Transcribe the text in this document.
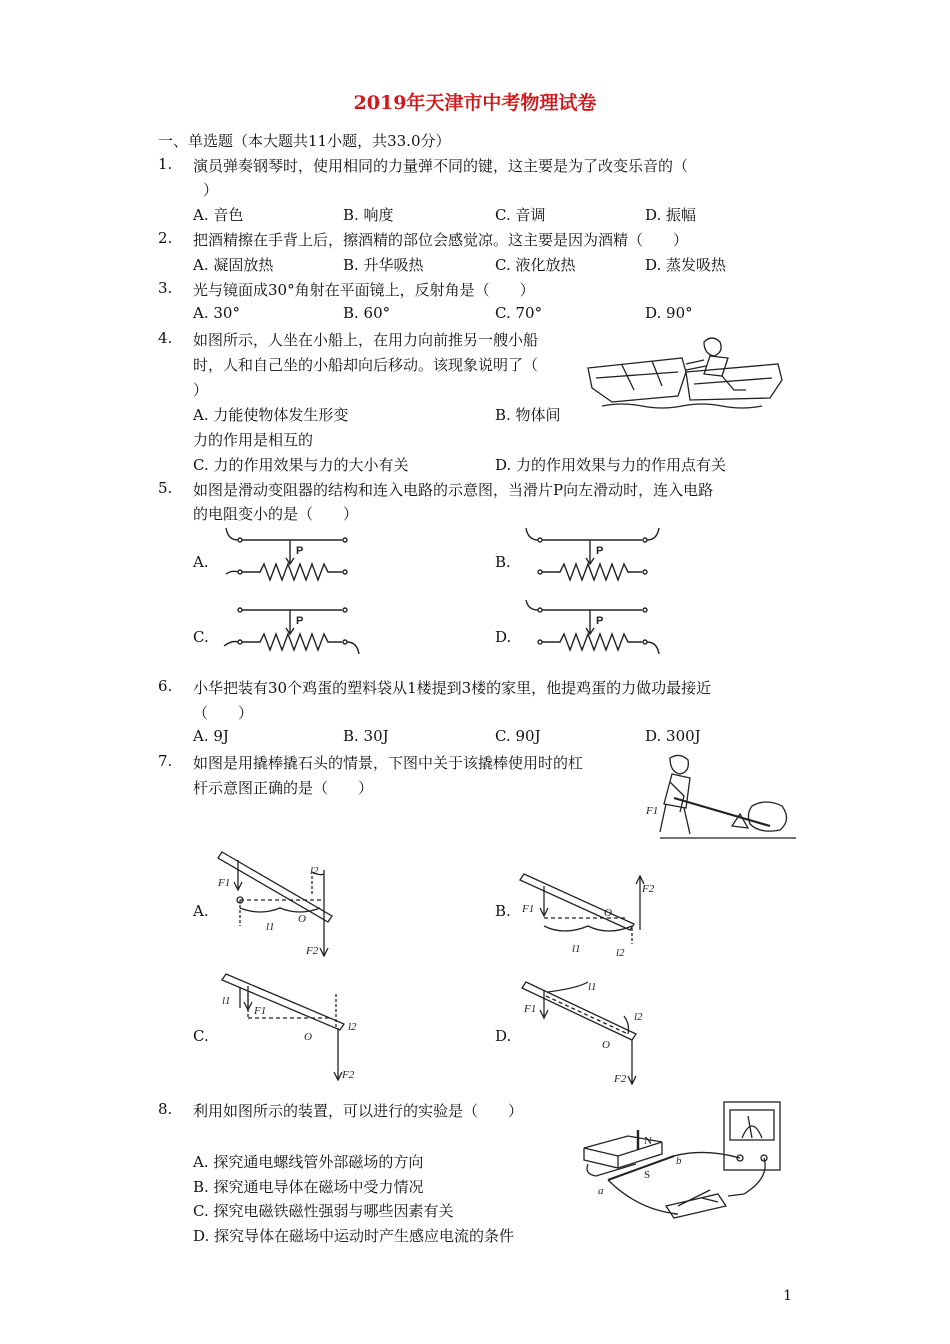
2019年天津市中考物理试卷
一、单选题（本大题共11小题，共33.0分）
1.	演员弹奏钢琴时，使用相同的力量弹不同的键，这主要是为了改变乐音的（
）
A. 音色	B. 响度	C. 音调	D. 振幅
2.	把酒精擦在手背上后，擦酒精的部位会感觉凉。这主要是因为酒精（　　）
A. 凝固放热	B. 升华吸热	C. 液化放热	D. 蒸发吸热
3.	光与镜面成30°角射在平面镜上，反射角是（　　）
A. 30°	B. 60°	C. 70°	D. 90°
4.	如图所示，人坐在小船上，在用力向前推另一艘小船
时，人和自己坐的小船却向后移动。该现象说明了（
）
A. 力能使物体发生形变	B. 物体间
力的作用是相互的
C. 力的作用效果与力的大小有关	D. 力的作用效果与力的作用点有关
5.	如图是滑动变阻器的结构和连入电路的示意图，当滑片P向左滑动时，连入电路
的电阻变小的是（　　）
A.	B.
C.	D.
P	P
P	P
6.	小华把装有30个鸡蛋的塑料袋从1楼提到3楼的家里，他提鸡蛋的力做功最接近
（　　）
A. 9J	B. 30J	C. 90J	D. 300J
7.	如图是用撬棒撬石头的情景，下图中关于该撬棒使用时的杠
杆示意图正确的是（　　）
F1
A.	B.
C.	D.
F1
l2
O
l1
F2
F1	O
l1	l2
F2
l1
F1
O
l2
F2
F1
l1
l2
O
F2
8.	利用如图所示的装置，可以进行的实验是（　　）
A. 探究通电螺线管外部磁场的方向
B. 探究通电导体在磁场中受力情况
C. 探究电磁铁磁性强弱与哪些因素有关
D. 探究导体在磁场中运动时产生感应电流的条件
N
S
a
b
1
